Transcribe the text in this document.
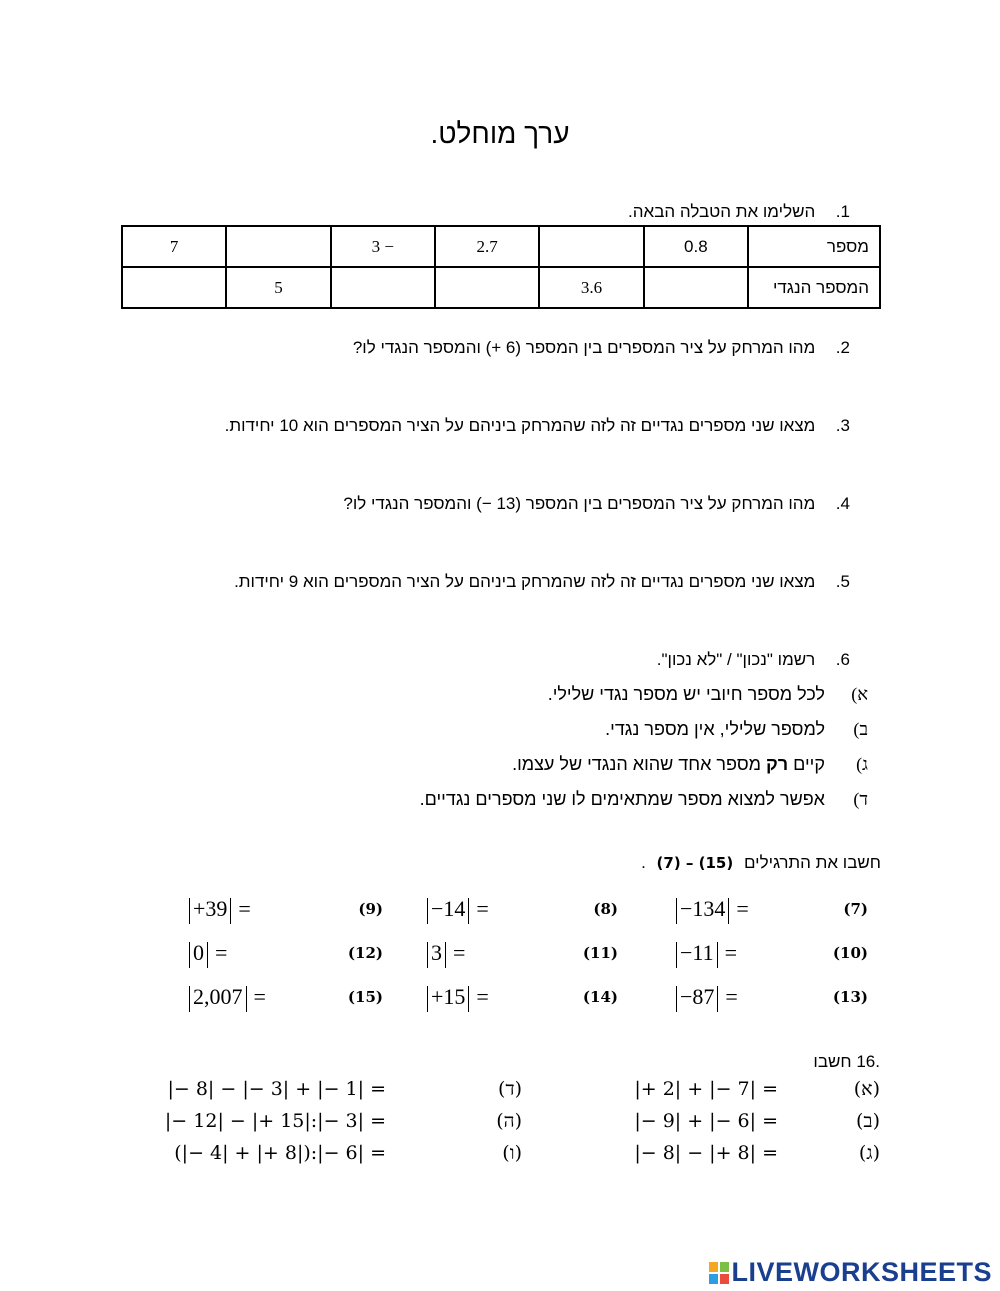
ערך מוחלט.
1. השלימו את הטבלה הבאה.
מספר	0.8		2.7	− 3		7
המספר הנגדי		3.6			5	
2. מהו המרחק על ציר המספרים בין המספר (6 +) והמספר הנגדי לו?
3. מצאו שני מספרים נגדיים זה לזה שהמרחק ביניהם על הציר המספרים הוא 10 יחידות.
4. מהו המרחק על ציר המספרים בין המספר (13 −) והמספר הנגדי לו?
5. מצאו שני מספרים נגדיים זה לזה שהמרחק ביניהם על הציר המספרים הוא 9 יחידות.
6. רשמו "נכון" / "לא נכון".
א) לכל מספר חיובי יש מספר נגדי שלילי.
ב) למספר שלילי, אין מספר נגדי.
ג) קיים רק מספר אחד שהוא הנגדי של עצמו.
ד) אפשר למצוא מספר שמתאימים לו שני מספרים נגדיים.
חשבו את התרגילים (7) – (15) .
(7)
−134 =
(8)
−14 =
(9)
+39 =
(10)
−11 =
(11)
3 =
(12)
0 =
(13)
−87 =
(14)
+15 =
(15)
2,007 =
.16 חשבו
(א)
|+ 2| + |− 7| =
(ב)
|− 9| + |− 6| =
(ג)
|− 8| − |+ 8| =
(ד)
|− 8| − |− 3| + |− 1| =
(ה)
|− 12| − |+ 15|:|− 3| =
(ו)
(|− 4| + |+ 8|):|− 6| =
LIVEWORKSHEETS
